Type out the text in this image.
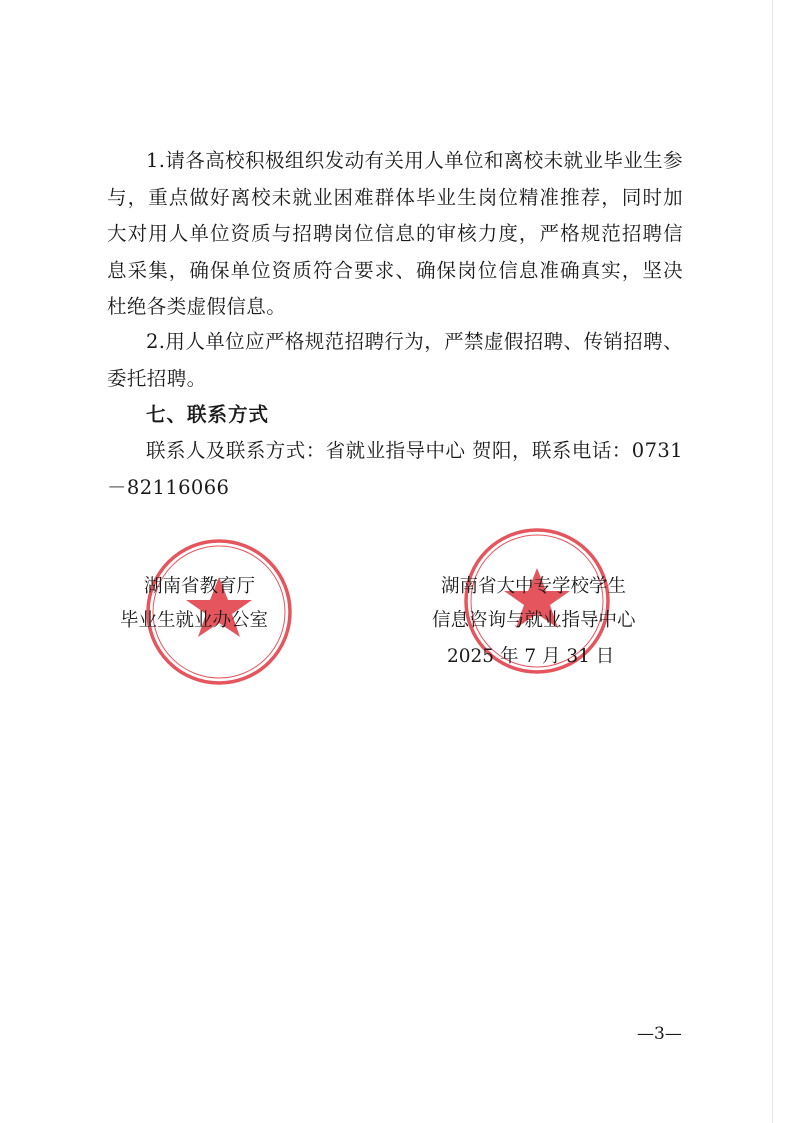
1.请各高校积极组织发动有关用人单位和离校未就业毕业生参与，重点做好离校未就业困难群体毕业生岗位精准推荐，同时加大对用人单位资质与招聘岗位信息的审核力度，严格规范招聘信息采集，确保单位资质符合要求、确保岗位信息准确真实，坚决杜绝各类虚假信息。

2.用人单位应严格规范招聘行为，严禁虚假招聘、传销招聘、委托招聘。

七、联系方式

联系人及联系方式：省就业指导中心 贺阳，联系电话：0731－82116066

湖南省教育厅

毕业生就业办公室

湖南省大中专学校学生

信息咨询与就业指导中心

2025 年 7 月 31 日

—3—
